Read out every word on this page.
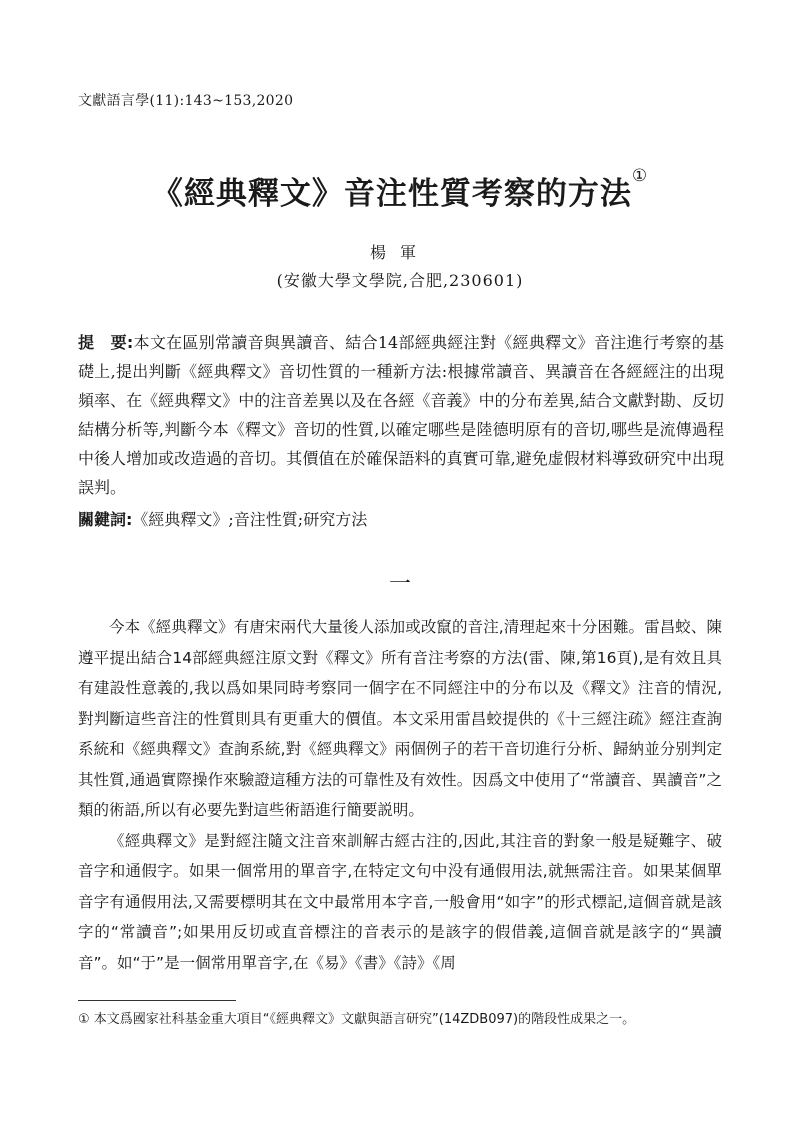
文獻語言學(11):143~153,2020
《經典釋文》音注性質考察的方法①
楊軍
(安徽大學文學院,合肥,230601)
提　要:本文在區别常讀音與異讀音、結合14部經典經注對《經典釋文》音注進行考察的基礎上,提出判斷《經典釋文》音切性質的一種新方法:根據常讀音、異讀音在各經經注的出現頻率、在《經典釋文》中的注音差異以及在各經《音義》中的分布差異,結合文獻對勘、反切結構分析等,判斷今本《釋文》音切的性質,以確定哪些是陸德明原有的音切,哪些是流傳過程中後人增加或改造過的音切。其價值在於確保語料的真實可靠,避免虚假材料導致研究中出現誤判。
關鍵詞:《經典釋文》;音注性質;研究方法
一

今本《經典釋文》有唐宋兩代大量後人添加或改竄的音注,清理起來十分困難。雷昌蛟、陳遵平提出結合14部經典經注原文對《釋文》所有音注考察的方法(雷、陳,第16頁),是有效且具有建設性意義的,我以爲如果同時考察同一個字在不同經注中的分布以及《釋文》注音的情況,對判斷這些音注的性質則具有更重大的價值。本文采用雷昌蛟提供的《十三經注疏》經注查詢系統和《經典釋文》查詢系統,對《經典釋文》兩個例子的若干音切進行分析、歸納並分别判定其性質,通過實際操作來驗證這種方法的可靠性及有效性。因爲文中使用了“常讀音、異讀音”之類的術語,所以有必要先對這些術語進行簡要説明。

《經典釋文》是對經注隨文注音來訓解古經古注的,因此,其注音的對象一般是疑難字、破音字和通假字。如果一個常用的單音字,在特定文句中没有通假用法,就無需注音。如果某個單音字有通假用法,又需要標明其在文中最常用本字音,一般會用“如字”的形式標記,這個音就是該字的“常讀音”;如果用反切或直音標注的音表示的是該字的假借義,這個音就是該字的“異讀音”。如“于”是一個常用單音字,在《易》《書》《詩》《周

① 本文爲國家社科基金重大項目“《經典釋文》文獻與語言研究”(14ZDB097)的階段性成果之一。
